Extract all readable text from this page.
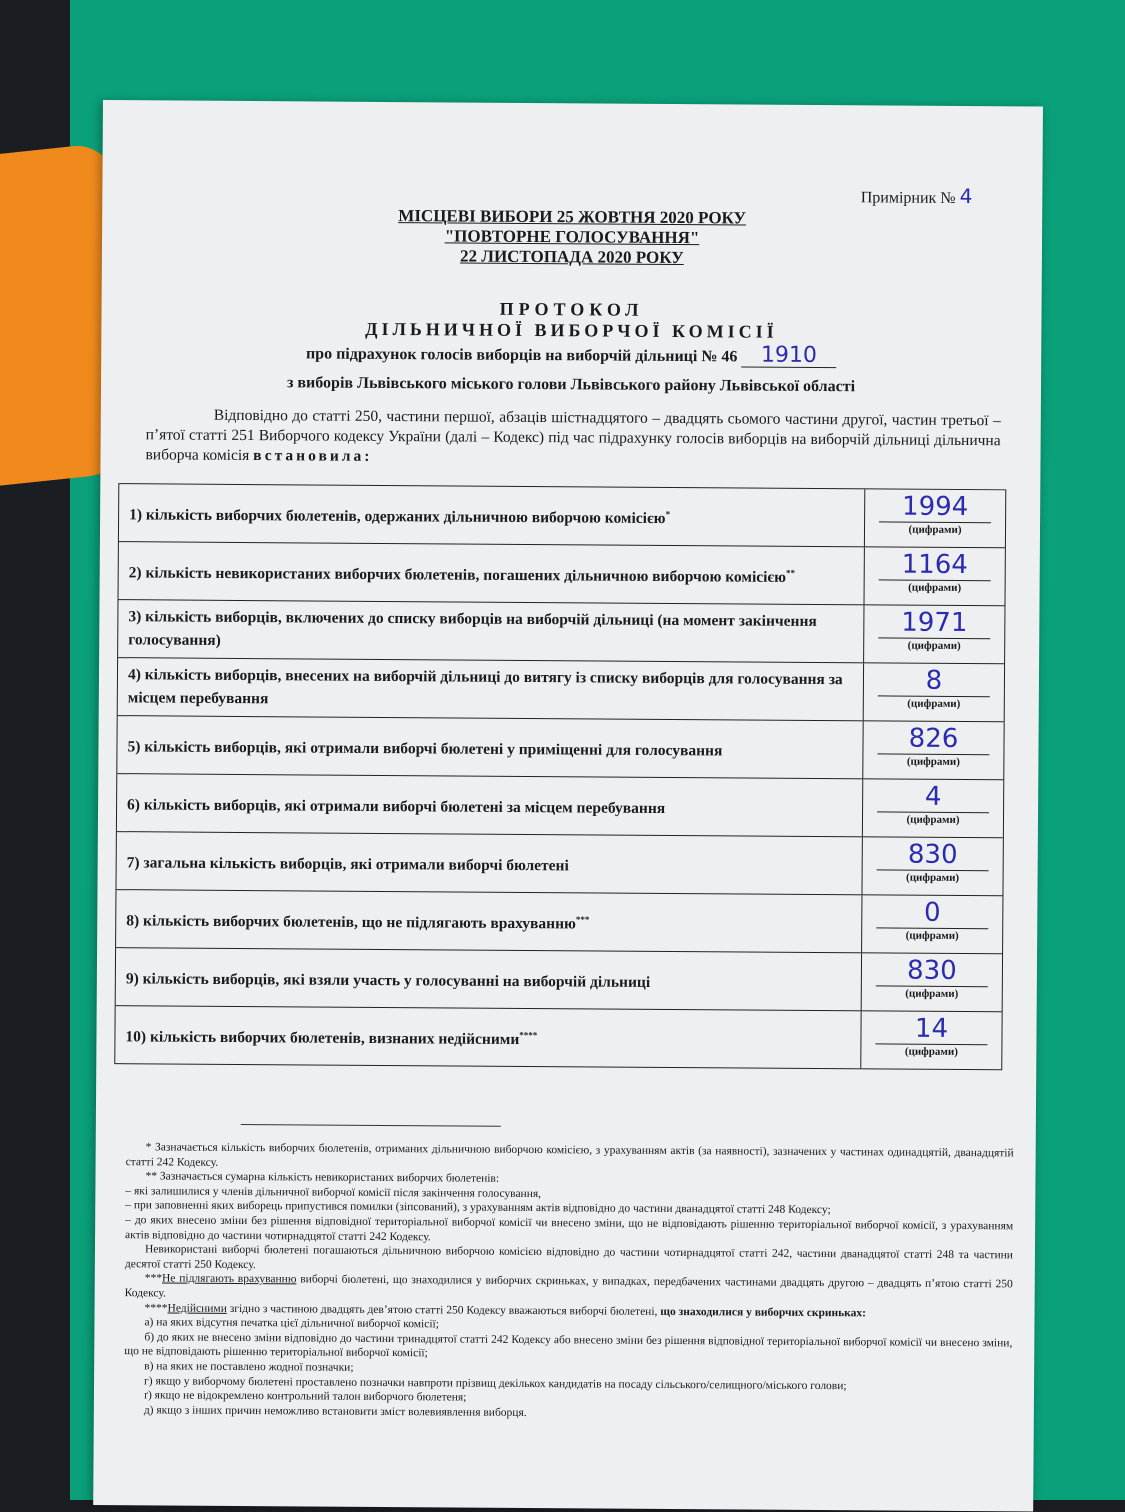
Примірник № 4
МІСЦЕВІ ВИБОРИ 25 ЖОВТНЯ 2020 РОКУ
"ПОВТОРНЕ ГОЛОСУВАННЯ"
22 ЛИСТОПАДА 2020 РОКУ
ПРОТОКОЛ
ДІЛЬНИЧНОЇ ВИБОРЧОЇ КОМІСІЇ
про підрахунок голосів виборців на виборчій дільниці № 46 1910
з виборів Львівського міського голови Львівського району Львівської області
Відповідно до статті 250, частини першої, абзаців шістнадцятого – двадцять сьомого частини другої, частин третьої – п’ятої статті 251 Виборчого кодексу України (далі – Кодекс) під час підрахунку голосів виборців на виборчій дільниці дільнична виборча комісія встановила:
1) кількість виборчих бюлетенів, одержаних дільничною виборчою комісією*	1994
(цифрами)
2) кількість невикористаних виборчих бюлетенів, погашених дільничною виборчою комісією**	1164
(цифрами)
3) кількість виборців, включених до списку виборців на виборчій дільниці (на момент закінчення голосування)
1971
(цифрами)
4) кількість виборців, внесених на виборчій дільниці до витягу із списку виборців для голосування за місцем перебування
8
(цифрами)
5) кількість виборців, які отримали виборчі бюлетені у приміщенні для голосування	826
(цифрами)
6) кількість виборців, які отримали виборчі бюлетені за місцем перебування	4
(цифрами)
7) загальна кількість виборців, які отримали виборчі бюлетені	830
(цифрами)
8) кількість виборчих бюлетенів, що не підлягають врахуванню***	0
(цифрами)
9) кількість виборців, які взяли участь у голосуванні на виборчій дільниці	830
(цифрами)
10) кількість виборчих бюлетенів, визнаних недійсними****	14
(цифрами)

* Зазначається кількість виборчих бюлетенів, отриманих дільничною виборчою комісією, з урахуванням актів (за наявності), зазначених у частинах одинадцятій, дванадцятій статті 242 Кодексу.

** Зазначається сумарна кількість невикористаних виборчих бюлетенів:

– які залишилися у членів дільничної виборчої комісії після закінчення голосування,

– при заповненні яких виборець припустився помилки (зіпсований), з урахуванням актів відповідно до частини дванадцятої статті 248 Кодексу;

– до яких внесено зміни без рішення відповідної територіальної виборчої комісії чи внесено зміни, що не відповідають рішенню територіальної виборчої комісії, з урахуванням актів відповідно до частини чотирнадцятої статті 242 Кодексу.

Невикористані виборчі бюлетені погашаються дільничною виборчою комісією відповідно до частини чотирнадцятої статті 242, частини дванадцятої статті 248 та частини десятої статті 250 Кодексу.

***Не підлягають врахуванню виборчі бюлетені, що знаходилися у виборчих скриньках, у випадках, передбачених частинами двадцять другою – двадцять п’ятою статті 250 Кодексу.

****Недійсними згідно з частиною двадцять дев’ятою статті 250 Кодексу вважаються виборчі бюлетені, що знаходилися у виборчих скриньках:

а) на яких відсутня печатка цієї дільничної виборчої комісії;

б) до яких не внесено зміни відповідно до частини тринадцятої статті 242 Кодексу або внесено зміни без рішення відповідної територіальної виборчої комісії чи внесено зміни, що не відповідають рішенню територіальної виборчої комісії;

в) на яких не поставлено жодної позначки;

г) якщо у виборчому бюлетені проставлено позначки навпроти прізвищ декількох кандидатів на посаду сільського/селищного/міського голови;

ґ) якщо не відокремлено контрольний талон виборчого бюлетеня;

д) якщо з інших причин неможливо встановити зміст волевиявлення виборця.
